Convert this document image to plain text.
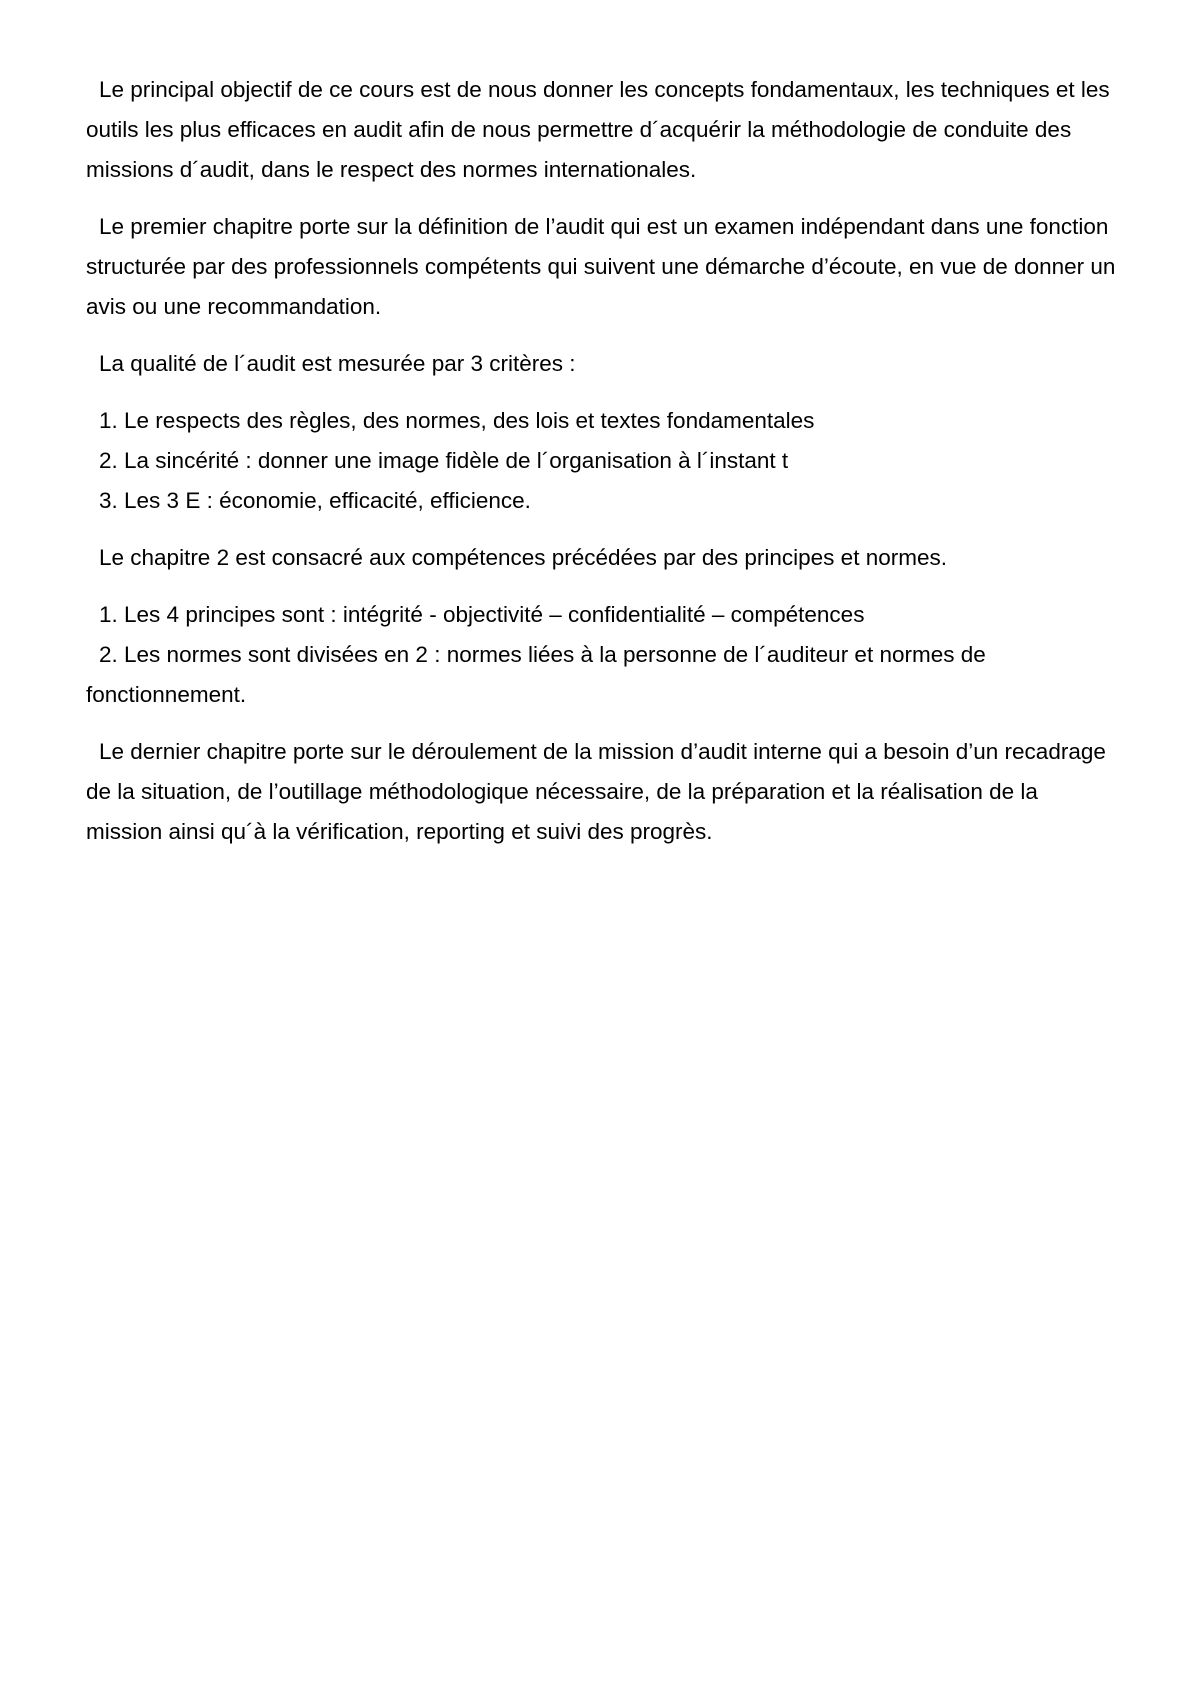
Le principal objectif de ce cours est de nous donner les concepts fondamentaux, les techniques et les outils les plus efficaces en audit afin de nous permettre d´acquérir la méthodologie de conduite des missions d´audit, dans le respect des normes internationales.

Le premier chapitre porte sur la définition de l’audit qui est un examen indépendant dans une fonction structurée par des professionnels compétents qui suivent une démarche d’écoute, en vue de donner un avis ou une recommandation.

La qualité de l´audit est mesurée par 3 critères :

1. Le respects des règles, des normes, des lois et textes fondamentales
2. La sincérité : donner une image fidèle de l´organisation à l´instant t
3. Les 3 E : économie, efficacité, efficience.

Le chapitre 2 est consacré aux compétences précédées par des principes et normes.

1. Les 4 principes sont : intégrité - objectivité – confidentialité – compétences
2. Les normes sont divisées en 2 : normes liées à la personne de l´auditeur et normes de fonctionnement.

Le dernier chapitre porte sur le déroulement de la mission d’audit interne qui a besoin d’un recadrage de la situation, de l’outillage méthodologique nécessaire, de la préparation et la réalisation de la mission ainsi qu´à la vérification, reporting et suivi des progrès.
